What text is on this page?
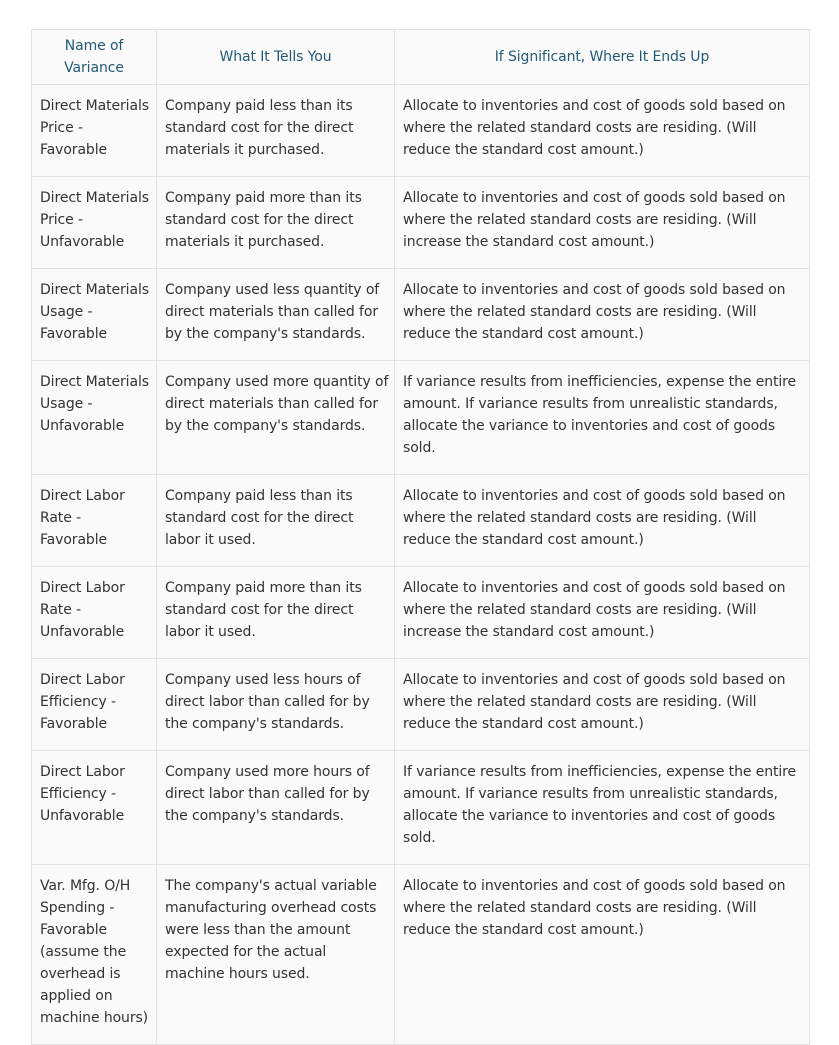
Name of Variance	What It Tells You	If Significant, Where It Ends Up
Direct Materials Price - Favorable	Company paid less than its standard cost for the direct materials it purchased.	Allocate to inventories and cost of goods sold based on where the related standard costs are residing. (Will reduce the standard cost amount.)
Direct Materials Price - Unfavorable	Company paid more than its standard cost for the direct materials it purchased.	Allocate to inventories and cost of goods sold based on where the related standard costs are residing. (Will increase the standard cost amount.)
Direct Materials Usage - Favorable	Company used less quantity of direct materials than called for by the company's standards.	Allocate to inventories and cost of goods sold based on where the related standard costs are residing. (Will reduce the standard cost amount.)
Direct Materials Usage - Unfavorable	Company used more quantity of direct materials than called for by the company's standards.	If variance results from inefficiencies, expense the entire amount. If variance results from unrealistic standards, allocate the variance to inventories and cost of goods sold.
Direct Labor Rate - Favorable	Company paid less than its standard cost for the direct labor it used.	Allocate to inventories and cost of goods sold based on where the related standard costs are residing. (Will reduce the standard cost amount.)
Direct Labor Rate - Unfavorable	Company paid more than its standard cost for the direct labor it used.	Allocate to inventories and cost of goods sold based on where the related standard costs are residing. (Will increase the standard cost amount.)
Direct Labor Efficiency - Favorable	Company used less hours of direct labor than called for by the company's standards.	Allocate to inventories and cost of goods sold based on where the related standard costs are residing. (Will reduce the standard cost amount.)
Direct Labor Efficiency - Unfavorable	Company used more hours of direct labor than called for by the company's standards.	If variance results from inefficiencies, expense the entire amount. If variance results from unrealistic standards, allocate the variance to inventories and cost of goods sold.
Var. Mfg. O/H Spending - Favorable (assume the overhead is applied on machine hours)	The company's actual variable manufacturing overhead costs were less than the amount expected for the actual machine hours used.	Allocate to inventories and cost of goods sold based on where the related standard costs are residing. (Will reduce the standard cost amount.)
